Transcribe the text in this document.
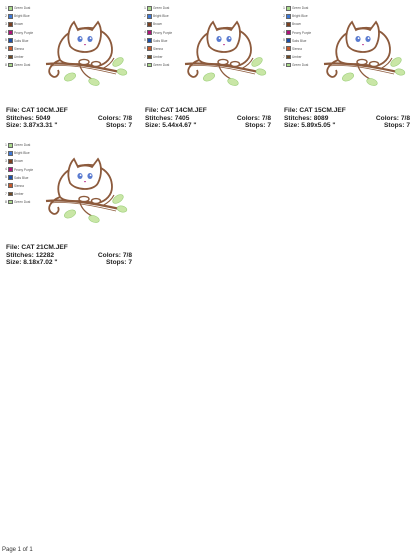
1 Green Dust
2 Bright Blue
3 Brown
4 Peony Purple
5 Saks Blue
6 Sienna
7 Umber
8 Green Dust
File: CAT 10CM.JEF
Stitches: 5049	Colors: 7/8
Size: 3.87x3.31 "	Stops: 7
1 Green Dust
2 Bright Blue
3 Brown
4 Peony Purple
5 Saks Blue
6 Sienna
7 Umber
8 Green Dust
File: CAT 14CM.JEF
Stitches: 7405	Colors: 7/8
Size: 5.44x4.67 "	Stops: 7
1 Green Dust
2 Bright Blue
3 Brown
4 Peony Purple
5 Saks Blue
6 Sienna
7 Umber
8 Green Dust
File: CAT 15CM.JEF
Stitches: 8089	Colors: 7/8
Size: 5.89x5.05 "	Stops: 7
1 Green Dust
2 Bright Blue
3 Brown
4 Peony Purple
5 Saks Blue
6 Sienna
7 Umber
8 Green Dust
File: CAT 21CM.JEF
Stitches: 12282	Colors: 7/8
Size: 8.18x7.02 "	Stops: 7
Page 1 of 1
